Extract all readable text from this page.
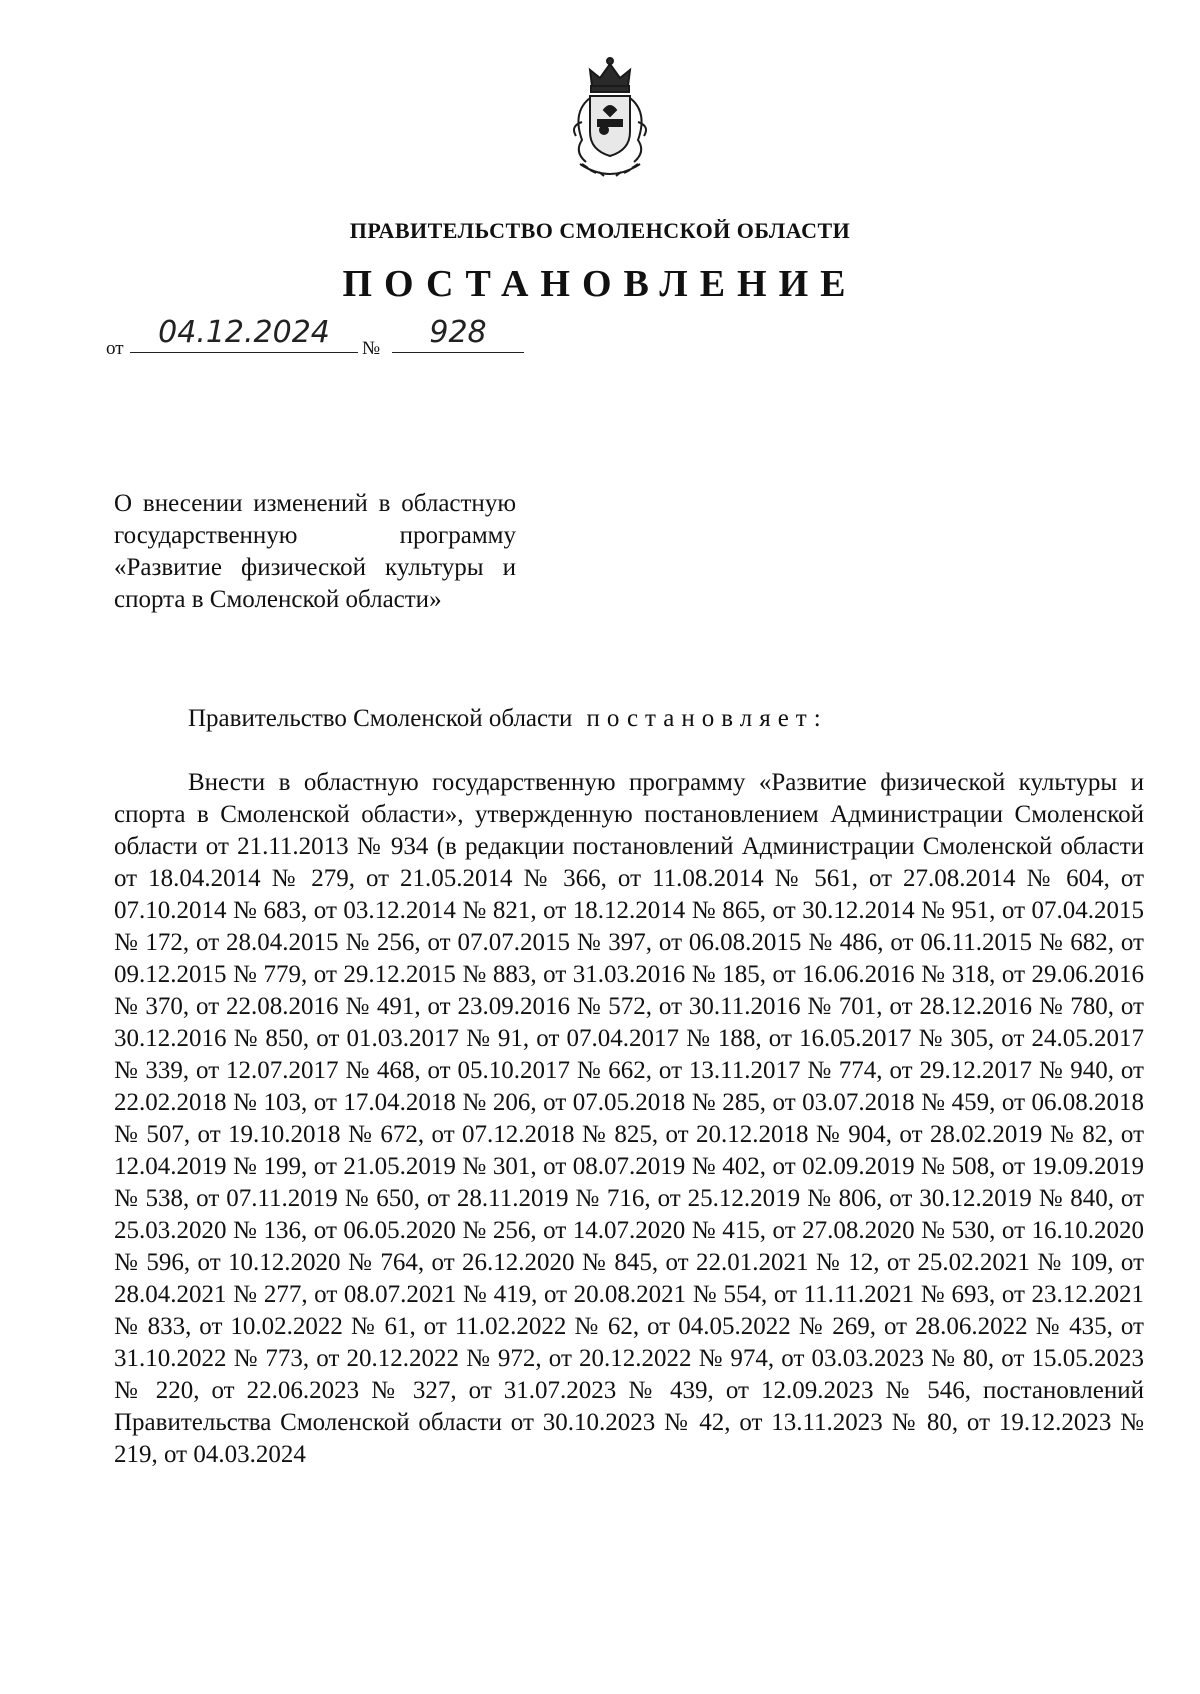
ПРАВИТЕЛЬСТВО СМОЛЕНСКОЙ ОБЛАСТИ
ПОСТАНОВЛЕНИЕ
от	04.12.2024	№	928
О внесении изменений в областную государственную программу «Развитие физической культуры и спорта в Смоленской области»
Правительство Смоленской области постановляет:

Внести в областную государственную программу «Развитие физической культуры и спорта в Смоленской области», утвержденную постановлением Администрации Смоленской области от 21.11.2013 № 934 (в редакции постановлений Администрации Смоленской области от 18.04.2014 № 279, от 21.05.2014 № 366, от 11.08.2014 № 561, от 27.08.2014 № 604, от 07.10.2014 № 683, от 03.12.2014 № 821, от 18.12.2014 № 865, от 30.12.2014 № 951, от 07.04.2015 № 172, от 28.04.2015 № 256, от 07.07.2015 № 397, от 06.08.2015 № 486, от 06.11.2015 № 682, от 09.12.2015 № 779, от 29.12.2015 № 883, от 31.03.2016 № 185, от 16.06.2016 № 318, от 29.06.2016 № 370, от 22.08.2016 № 491, от 23.09.2016 № 572, от 30.11.2016 № 701, от 28.12.2016 № 780, от 30.12.2016 № 850, от 01.03.2017 № 91, от 07.04.2017 № 188, от 16.05.2017 № 305, от 24.05.2017 № 339, от 12.07.2017 № 468, от 05.10.2017 № 662, от 13.11.2017 № 774, от 29.12.2017 № 940, от 22.02.2018 № 103, от 17.04.2018 № 206, от 07.05.2018 № 285, от 03.07.2018 № 459, от 06.08.2018 № 507, от 19.10.2018 № 672, от 07.12.2018 № 825, от 20.12.2018 № 904, от 28.02.2019 № 82, от 12.04.2019 № 199, от 21.05.2019 № 301, от 08.07.2019 № 402, от 02.09.2019 № 508, от 19.09.2019 № 538, от 07.11.2019 № 650, от 28.11.2019 № 716, от 25.12.2019 № 806, от 30.12.2019 № 840, от 25.03.2020 № 136, от 06.05.2020 № 256, от 14.07.2020 № 415, от 27.08.2020 № 530, от 16.10.2020 № 596, от 10.12.2020 № 764, от 26.12.2020 № 845, от 22.01.2021 № 12, от 25.02.2021 № 109, от 28.04.2021 № 277, от 08.07.2021 № 419, от 20.08.2021 № 554, от 11.11.2021 № 693, от 23.12.2021 № 833, от 10.02.2022 № 61, от 11.02.2022 № 62, от 04.05.2022 № 269, от 28.06.2022 № 435, от 31.10.2022 № 773, от 20.12.2022 № 972, от 20.12.2022 № 974, от 03.03.2023 № 80, от 15.05.2023 № 220, от 22.06.2023 № 327, от 31.07.2023 № 439, от 12.09.2023 № 546, постановлений Правительства Смоленской области от 30.10.2023 № 42, от 13.11.2023 № 80, от 19.12.2023 № 219, от 04.03.2024
